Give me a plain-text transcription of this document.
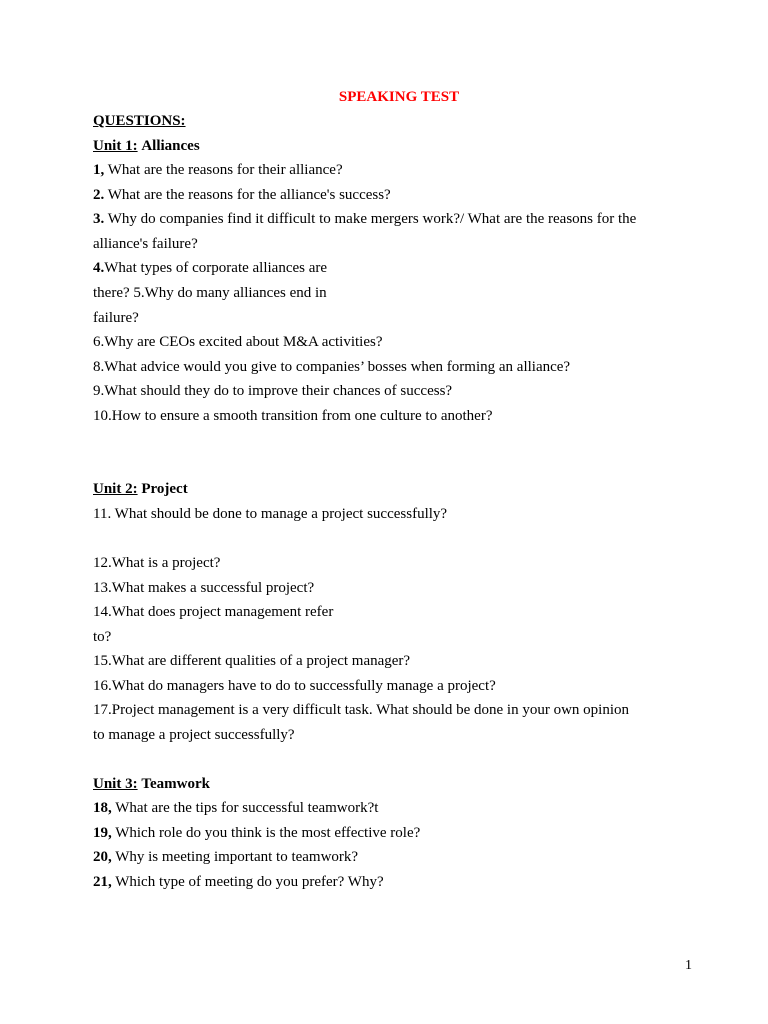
SPEAKING TEST
QUESTIONS:
Unit 1: Alliances
1, What are the reasons for their alliance?
2. What are the reasons for the alliance's success?
3. Why do companies find it difficult to make mergers work?/ What are the reasons for the
alliance's failure?
4.What types of corporate alliances are
there? 5.Why do many alliances end in
failure?
6.Why are CEOs excited about M&A activities?
8.What advice would you give to companies’ bosses when forming an alliance?
9.What should they do to improve their chances of success?
10.How to ensure a smooth transition from one culture to another?
Unit 2: Project
11. What should be done to manage a project successfully?
12.What is a project?
13.What makes a successful project?
14.What does project management refer
to?
15.What are different qualities of a project manager?
16.What do managers have to do to successfully manage a project?
17.Project management is a very difficult task. What should be done in your own opinion
to manage a project successfully?
Unit 3: Teamwork
18, What are the tips for successful teamwork?t
19, Which role do you think is the most effective role?
20, Why is meeting important to teamwork?
21, Which type of meeting do you prefer? Why?
1
